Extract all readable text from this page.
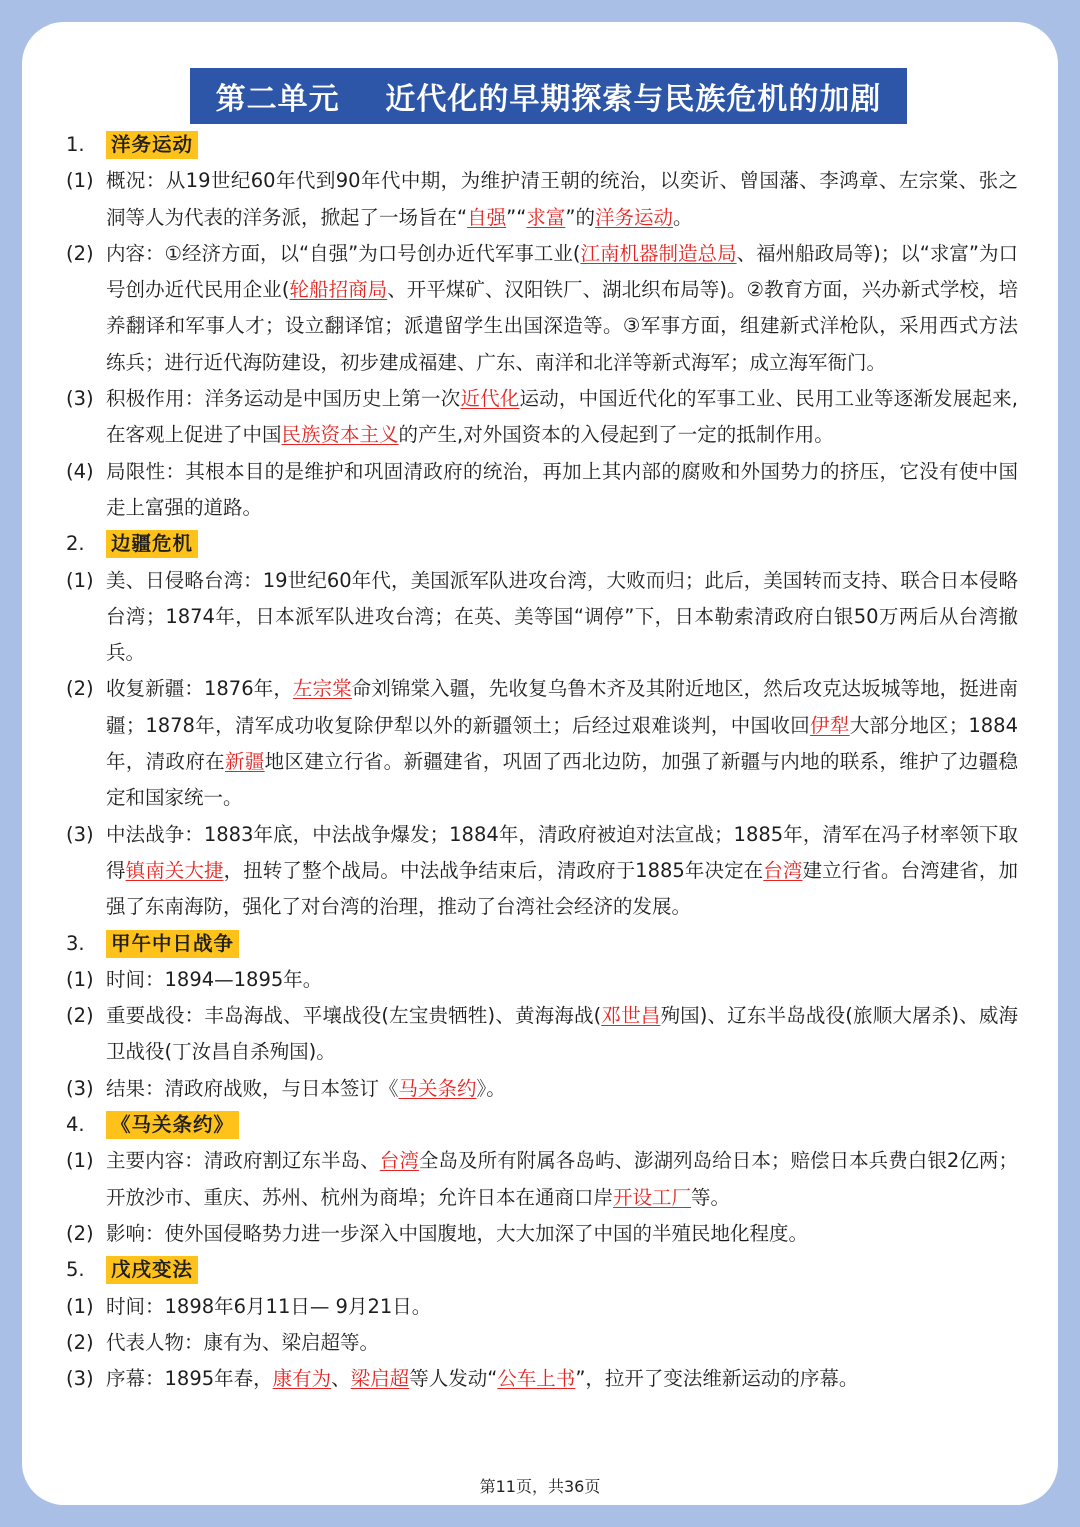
第二单元    近代化的早期探索与民族危机的加剧
1.	洋务运动
(1) 概况：从19世纪60年代到90年代中期，为维护清王朝的统治，以奕䜣、曾国藩、李鸿章、左宗棠、张之洞等人为代表的洋务派，掀起了一场旨在“自强”“求富”的洋务运动。
(2) 内容：①经济方面，以“自强”为口号创办近代军事工业(江南机器制造总局、福州船政局等)；以“求富”为口号创办近代民用企业(轮船招商局、开平煤矿、汉阳铁厂、湖北织布局等)。②教育方面，兴办新式学校，培养翻译和军事人才；设立翻译馆；派遣留学生出国深造等。③军事方面，组建新式洋枪队，采用西式方法练兵；进行近代海防建设，初步建成福建、广东、南洋和北洋等新式海军；成立海军衙门。
(3) 积极作用：洋务运动是中国历史上第一次近代化运动，中国近代化的军事工业、民用工业等逐渐发展起来,在客观上促进了中国民族资本主义的产生,对外国资本的入侵起到了一定的抵制作用。
(4) 局限性：其根本目的是维护和巩固清政府的统治，再加上其内部的腐败和外国势力的挤压，它没有使中国走上富强的道路。
2.	边疆危机
(1) 美、日侵略台湾：19世纪60年代，美国派军队进攻台湾，大败而归；此后，美国转而支持、联合日本侵略台湾；1874年，日本派军队进攻台湾；在英、美等国“调停”下，日本勒索清政府白银50万两后从台湾撤兵。
(2) 收复新疆：1876年，左宗棠命刘锦棠入疆，先收复乌鲁木齐及其附近地区，然后攻克达坂城等地，挺进南疆；1878年，清军成功收复除伊犁以外的新疆领土；后经过艰难谈判，中国收回伊犁大部分地区；1884年，清政府在新疆地区建立行省。新疆建省，巩固了西北边防，加强了新疆与内地的联系，维护了边疆稳定和国家统一。
(3) 中法战争：1883年底，中法战争爆发；1884年，清政府被迫对法宣战；1885年，清军在冯子材率领下取得镇南关大捷，扭转了整个战局。中法战争结束后，清政府于1885年决定在台湾建立行省。台湾建省，加强了东南海防，强化了对台湾的治理，推动了台湾社会经济的发展。
3.	甲午中日战争
(1) 时间：1894—1895年。
(2) 重要战役：丰岛海战、平壤战役(左宝贵牺牲)、黄海海战(邓世昌殉国)、辽东半岛战役(旅顺大屠杀)、威海卫战役(丁汝昌自杀殉国)。
(3) 结果：清政府战败，与日本签订《马关条约》。
4.	《马关条约》
(1) 主要内容：清政府割辽东半岛、台湾全岛及所有附属各岛屿、澎湖列岛给日本；赔偿日本兵费白银2亿两；开放沙市、重庆、苏州、杭州为商埠；允许日本在通商口岸开设工厂等。
(2) 影响：使外国侵略势力进一步深入中国腹地，大大加深了中国的半殖民地化程度。
5.	戊戌变法
(1) 时间：1898年6月11日— 9月21日。
(2) 代表人物：康有为、梁启超等。
(3) 序幕：1895年春，康有为、梁启超等人发动“公车上书”，拉开了变法维新运动的序幕。
第11页，共36页
